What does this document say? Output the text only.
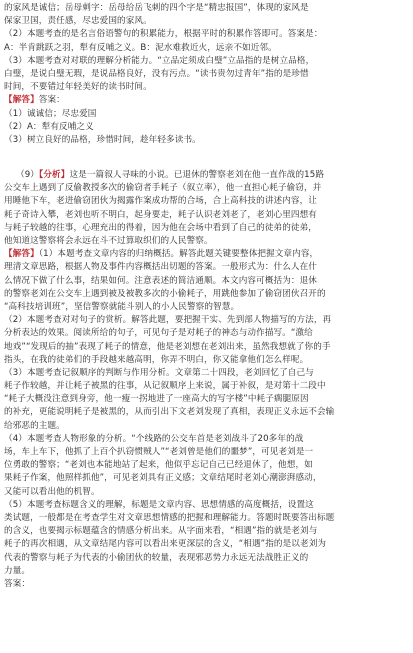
的家风是诚信；岳母刺字：岳母给岳飞刺的四个字是“精忠报国”，体现的家风是
保家卫国，责任感，尽忠爱国的家风。
（2）本题考查的是名言俗语警句的积累能力，根据平时的积累作答即可。答案是：
A：半肯跳跃之羽，犁有反哺之义。B：泥水难救近火，远亲不如近邻。
（3）本题考查对对联的理解分析能力。“立品定须成白璧”立品指的是树立品格，
白璧，是说白璧无瑕，是说品格良好，没有污点。“读书贵勿过青年”指的是珍惜
时间，不要错过年轻美好的读书时间。
【解答】答案：
（1）诚诚信；尽忠爱国
（2）A：犁有反哺之义
（3）树立良好的品格，珍惜时间，趁年轻多读书。
（9）【分析】这是一篇叙人寻味的小说。已退休的警察老刘在他一直作战的15路
公交车上遇到了反偷教授多次的偷窃者手耗子（叙立率），他一直担心耗子偷窃，并
用睡他下车，老进偷窃团伙为揭露作案成功帮的合场，合上高科技的讲述内容，让
耗子奇诗入攀，老刘也听不明白，起身要走，耗子认识老刘老了，老刘心里四想有
与耗子较越的往事，心理充出的得着，因为他在会场中看到了自己的徒弟的徒弟，
他知道这警察将会永远在斗不过算取织们的人民警察。
【解答】（1）本题考查文章内容的归纳概括。解答此题关键要整体把握文章内容，
理清文章思路，根据人物及事件内容概括出切题的答案。一般形式为：什么人在什
么情况下做了什么事，结果如何。注意表述的简洁通顺。本文内容可概括为：退休
的警察老刘在公交车上遇到被及被教多次的小偷耗子，用跳他参加了偷窃团伙召开的
“高科技培训班”，坚信警察就能斗别人的小人民警察的智慧。
（2）本题考查对对句子的赏析。解答此题，要把握干实、先到部人物描写的方法，再
分析表达的效果。阅读所给的句子，可见句子是对耗子的神态与动作描写。“激给
地戏”“发现后的抽”表现了耗子的情意，他是老刘想在老刘出来，虽然我想就了你的手
指头，在我的徒弟们的手段越来越高明，你弄不明白，你又能拿他们怎么样呢。
（3）本题考查记叙顺序的判断与作用分析。文章第二十四段，老刘回忆了自己与
耗子作较越，并让耗子被黑的往事，从记叙顺序上来说，属于补叙，是对第十二段中
“耗子大概没注意到身旁，他一瘦一拐地进了一座高大的写字楼”中耗子瘸腿原因
的补充，更能说明耗子是被黑的，从而引出下文老刘发现了真相，表现正义永远不会输
给邪恶的主题。
（4）本题考查人物形象的分析。“个线路的公交车首是老刘战斗了20多年的战
场，车上车下，他抓了上百个扒窃惯贼人”“老刘曾是他们的噩梦”，可见老刘是一
位勇敢的警察；“老刘也本能地站了起来，他似乎忘记自己已经退休了，他想，如
果耗子作案，他照样抓他”，可见老刘具有正义感；文章结尾时老刘心潮澎湃感动，
又能可以看出他的机智。
（5）本题考查标题含义的理解，标题是文章内容、思想情感的高度概括，设置这
类试题，一般都是在考查学生对文章思想情感的把握和理解能力。答题时既要答出标题
的含义，也要揭示标题蕴含的情感分析出来。从字面来看，“相遇”指的就是老刘与
耗子的再次相遇，从文章结尾内容可以看出来更深层的含义，“相遇”指的是以老刘为
代表的警察与耗子为代表的小偷团伙的较量，表现邪恶势力永远无法战胜正义的
力量。
答案：
